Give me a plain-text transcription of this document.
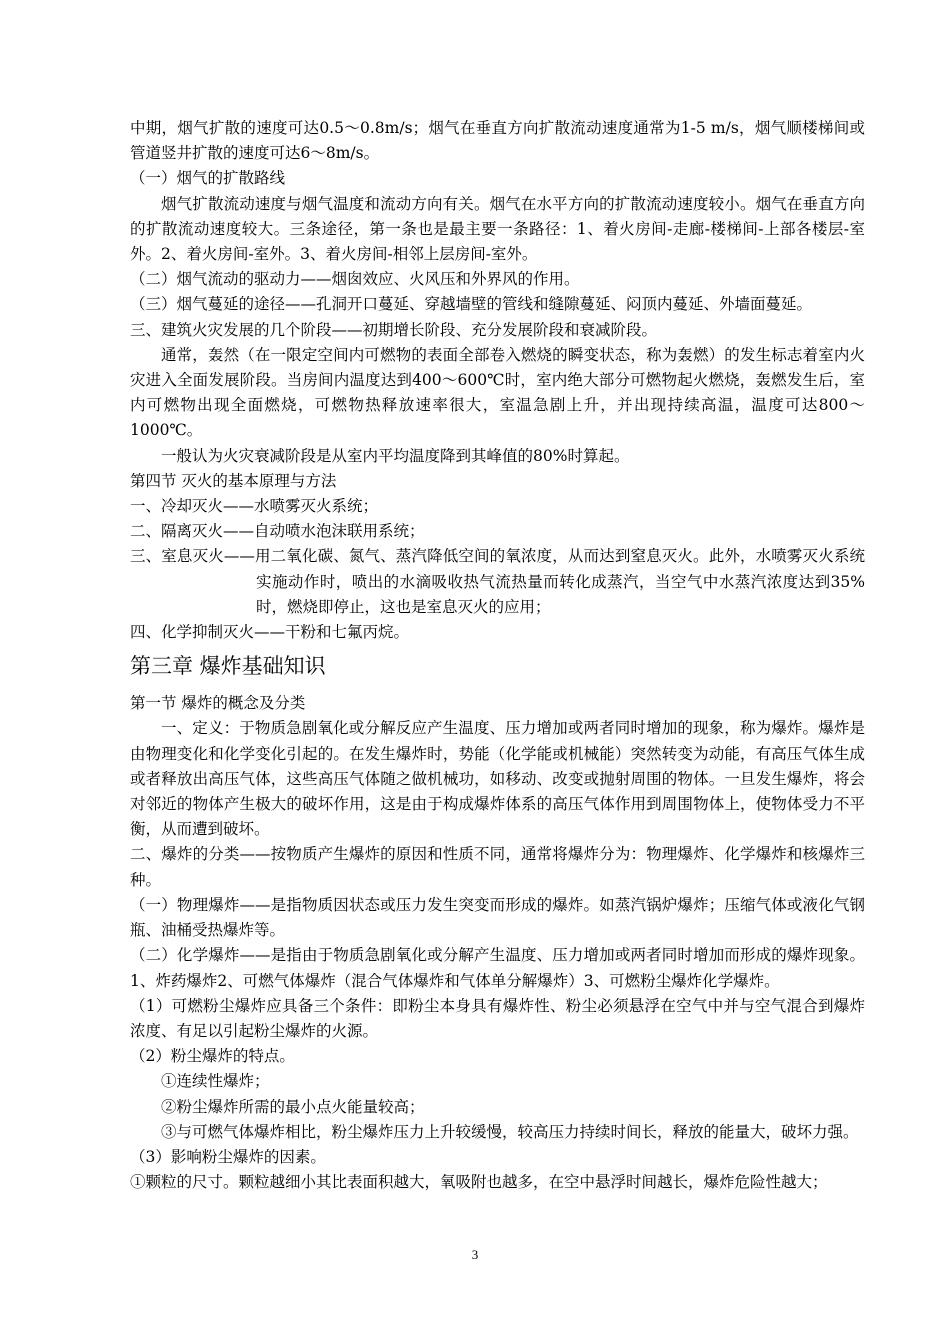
中期，烟气扩散的速度可达0.5～0.8m/s；烟气在垂直方向扩散流动速度通常为1-5 m/s，烟气顺楼梯间或管道竖井扩散的速度可达6～8m/s。

（一）烟气的扩散路线

烟气扩散流动速度与烟气温度和流动方向有关。烟气在水平方向的扩散流动速度较小。烟气在垂直方向的扩散流动速度较大。三条途径，第一条也是最主要一条路径：1、着火房间-走廊-楼梯间-上部各楼层-室外。2、着火房间-室外。3、着火房间-相邻上层房间-室外。

（二）烟气流动的驱动力——烟囱效应、火风压和外界风的作用。

（三）烟气蔓延的途径——孔洞开口蔓延、穿越墙壁的管线和缝隙蔓延、闷顶内蔓延、外墙面蔓延。

三、建筑火灾发展的几个阶段——初期增长阶段、充分发展阶段和衰减阶段。

通常，轰然（在一限定空间内可燃物的表面全部卷入燃烧的瞬变状态，称为轰燃）的发生标志着室内火灾进入全面发展阶段。当房间内温度达到400～600℃时，室内绝大部分可燃物起火燃烧，轰燃发生后，室内可燃物出现全面燃烧，可燃物热释放速率很大，室温急剧上升，并出现持续高温，温度可达800～1000℃。

一般认为火灾衰减阶段是从室内平均温度降到其峰值的80%时算起。

第四节 灭火的基本原理与方法

一、冷却灭火——水喷雾灭火系统；

二、隔离灭火——自动喷水泡沫联用系统；

三、室息灭火——用二氧化碳、氮气、蒸汽降低空间的氧浓度，从而达到窒息灭火。此外，水喷雾灭火系统实施动作时，喷出的水滴吸收热气流热量而转化成蒸汽，当空气中水蒸汽浓度达到35%时，燃烧即停止，这也是室息灭火的应用；

四、化学抑制灭火——干粉和七氟丙烷。

第三章 爆炸基础知识

第一节 爆炸的概念及分类

一、定义：于物质急剧氧化或分解反应产生温度、压力增加或两者同时增加的现象，称为爆炸。爆炸是由物理变化和化学变化引起的。在发生爆炸时，势能（化学能或机械能）突然转变为动能，有高压气体生成或者释放出高压气体，这些高压气体随之做机械功，如移动、改变或抛射周围的物体。一旦发生爆炸，将会对邻近的物体产生极大的破坏作用，这是由于构成爆炸体系的高压气体作用到周围物体上，使物体受力不平衡，从而遭到破坏。

二、爆炸的分类——按物质产生爆炸的原因和性质不同，通常将爆炸分为：物理爆炸、化学爆炸和核爆炸三种。

（一）物理爆炸——是指物质因状态或压力发生突变而形成的爆炸。如蒸汽锅炉爆炸；压缩气体或液化气钢瓶、油桶受热爆炸等。

（二）化学爆炸——是指由于物质急剧氧化或分解产生温度、压力增加或两者同时增加而形成的爆炸现象。1、炸药爆炸2、可燃气体爆炸（混合气体爆炸和气体单分解爆炸）3、可燃粉尘爆炸化学爆炸。

（1）可燃粉尘爆炸应具备三个条件：即粉尘本身具有爆炸性、粉尘必须悬浮在空气中并与空气混合到爆炸浓度、有足以引起粉尘爆炸的火源。

（2）粉尘爆炸的特点。

①连续性爆炸；

②粉尘爆炸所需的最小点火能量较高；

③与可燃气体爆炸相比，粉尘爆炸压力上升较缓慢，较高压力持续时间长，释放的能量大，破坏力强。

（3）影响粉尘爆炸的因素。

①颗粒的尺寸。颗粒越细小其比表面积越大，氧吸附也越多，在空中悬浮时间越长，爆炸危险性越大；

3
